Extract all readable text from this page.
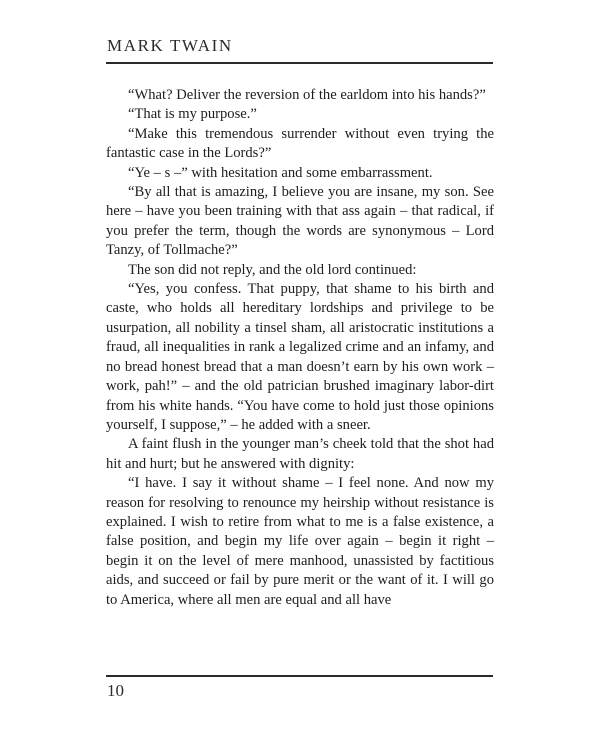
MARK TWAIN

“What? Deliver the reversion of the earldom into his hands?”

“That is my purpose.”

“Make this tremendous surrender without even trying the fantastic case in the Lords?”

“Ye – s –” with hesitation and some embarrassment.

“By all that is amazing, I believe you are insane, my son. See here – have you been training with that ass again – that radical, if you prefer the term, though the words are synonymous – Lord Tanzy, of Tollmache?”

The son did not reply, and the old lord continued:

“Yes, you confess. That puppy, that shame to his birth and caste, who holds all hereditary lordships and privilege to be usurpation, all nobility a tinsel sham, all aristocratic institutions a fraud, all inequalities in rank a legalized crime and an infamy, and no bread honest bread that a man doesn’t earn by his own work – work, pah!” – and the old patrician brushed imaginary labor-dirt from his white hands. “You have come to hold just those opinions yourself, I suppose,” – he added with a sneer.

A faint flush in the younger man’s cheek told that the shot had hit and hurt; but he answered with dignity:

“I have. I say it without shame – I feel none. And now my reason for resolving to renounce my heirship without resistance is explained. I wish to retire from what to me is a false existence, a false position, and begin my life over again – begin it right – begin it on the level of mere manhood, unassisted by factitious aids, and succeed or fail by pure merit or the want of it. I will go to America, where all men are equal and all have

10
